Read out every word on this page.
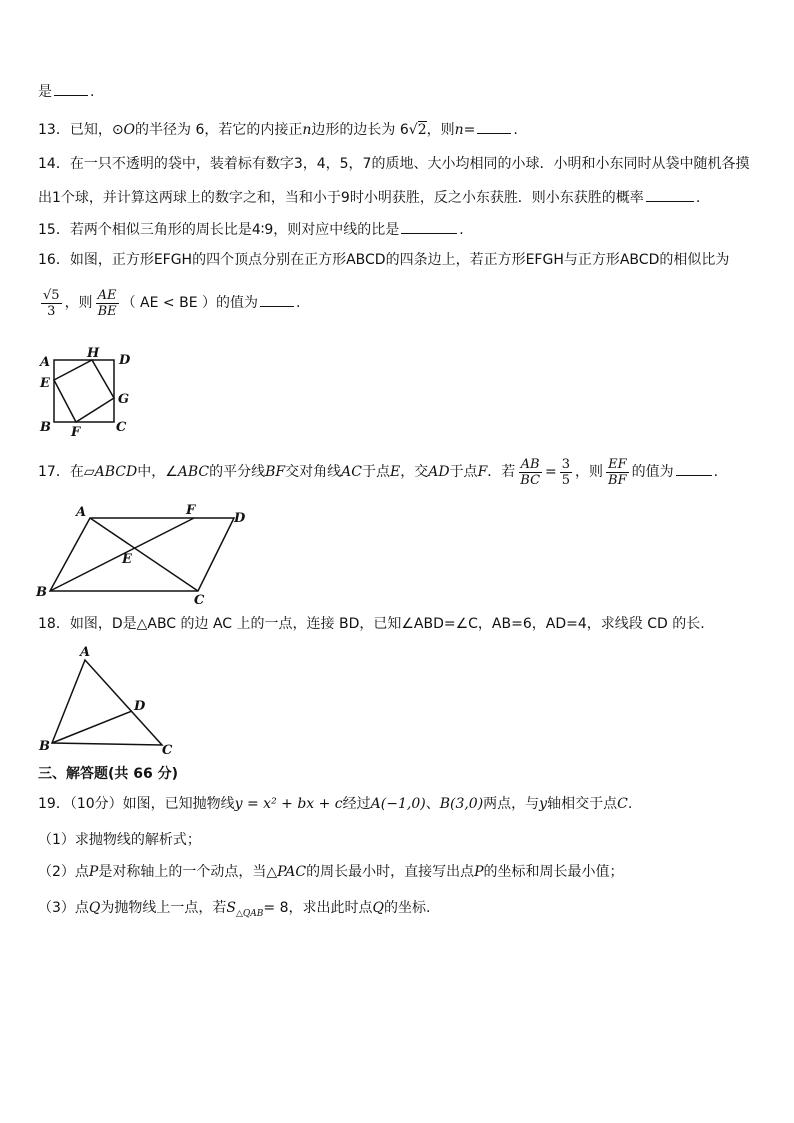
是	.
13．已知，⊙O的半径为 6，若它的内接正n边形的边长为 6√2，则n=	.
14．在一只不透明的袋中，装着标有数字3，4，5，7的质地、大小均相同的小球．小明和小东同时从袋中随机各摸
出1个球，并计算这两球上的数字之和，当和小于9时小明获胜，反之小东获胜．则小东获胜的概率	.
15．若两个相似三角形的周长比是4∶9，则对应中线的比是	.
16．如图，正方形EFGH的四个顶点分别在正方形ABCD的四条边上，若正方形EFGH与正方形ABCD的相似比为
$\frac{√5}{3}$ ，则 $\frac{AE}{BE}$ （ AE < BE ）的值为	.
A
H D
E
G
B F	C
17．在▱ABCD中，∠ABC的平分线BF交对角线AC于点E，交AD于点F．若 $\frac{AB}{BC} = \frac{3}{5}$ ，则 $\frac{EF}{BF}$ 的值为	.
A	F
D
E
B
C
18．如图，D是△ABC 的边 AC 上的一点，连接 BD，已知∠ABD=∠C，AB=6，AD=4，求线段 CD 的长.
A
D
B	C
三、解答题(共 66 分)
19．（10分）如图，已知抛物线y = x² + bx + c经过A(−1,0)、B(3,0)两点，与y轴相交于点C.
（1）求抛物线的解析式；
（2）点P是对称轴上的一个动点，当△PAC的周长最小时，直接写出点P的坐标和周长最小值；
（3）点Q为抛物线上一点，若$S_{\triangle QAB}= 8$，求出此时点Q的坐标.
